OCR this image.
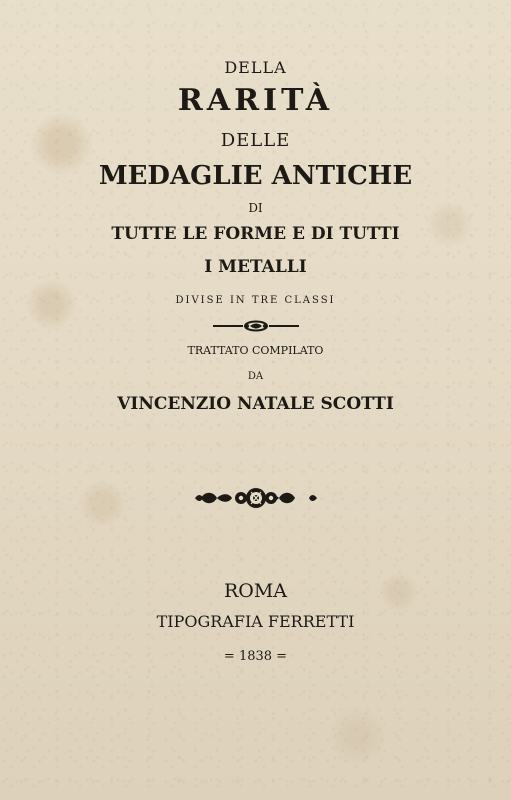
DELLA
RARITÀ
DELLE
MEDAGLIE ANTICHE
DI
TUTTE LE FORME E DI TUTTI
I METALLI
DIVISE IN TRE CLASSI
TRATTATO COMPILATO
DA
VINCENZIO NATALE SCOTTI
ROMA
TIPOGRAFIA FERRETTI
= 1838 =
